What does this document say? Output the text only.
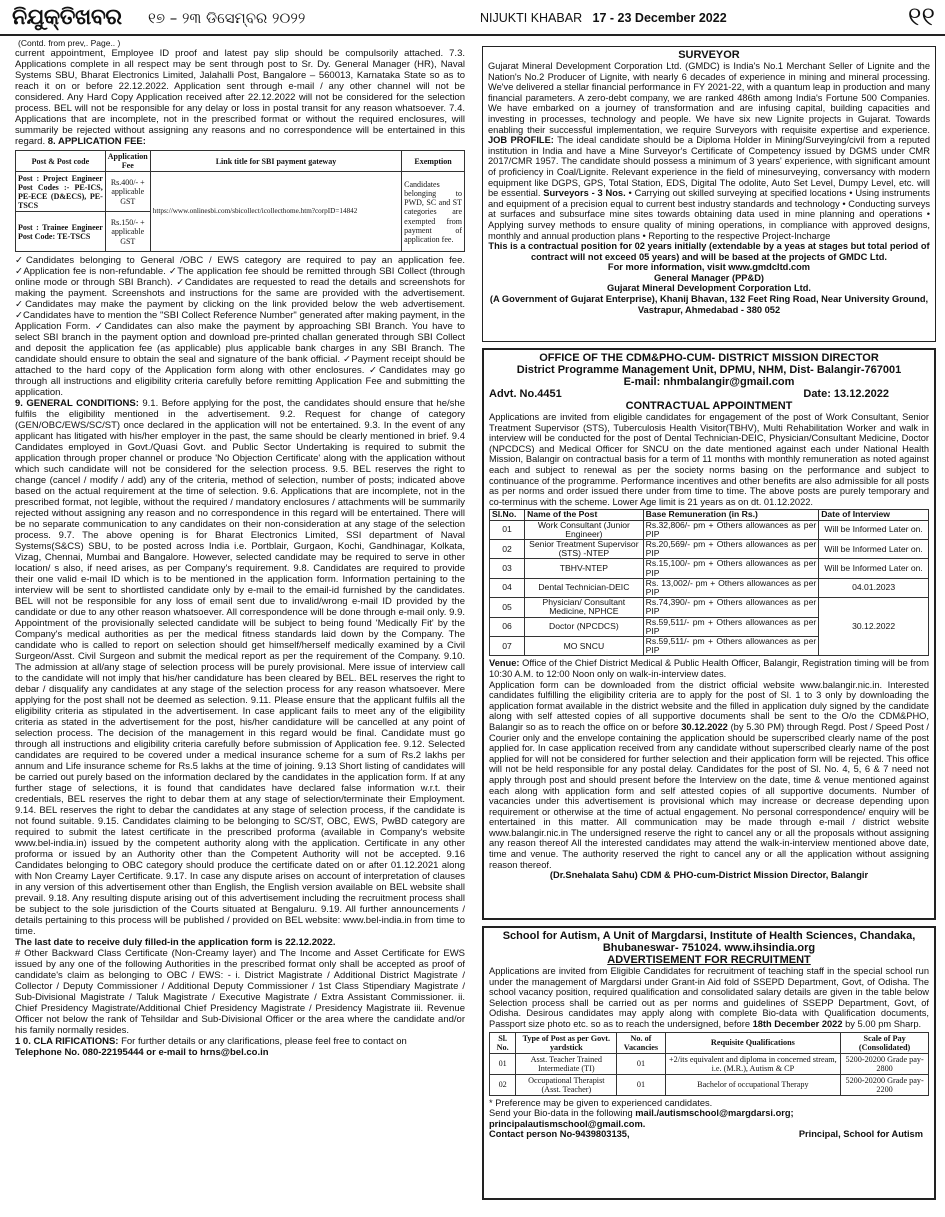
ନିଯୁକ୍ତିଖବର ୧୭ – ୨୩ ଡିସେମ୍ବର ୨୦୨୨	NIJUKTI KHABAR 17 - 23 December 2022	୧୧
(Contd. from prev,. Page.. )

current appointment, Employee ID proof and latest pay slip should be compulsorily attached. 7.3. Applications complete in all respect may be sent through post to Sr. Dy. General Manager (HR), Naval Systems SBU, Bharat Electronics Limited, Jalahalli Post, Bangalore – 560013, Karnataka State so as to reach it on or before 22.12.2022. Application sent through e-mail / any other channel will not be considered. Any Hard Copy Application received after 22.12.2022 will not be considered for the selection process. BEL will not be responsible for any delay or loss in postal transit for any reason whatsoever. 7.4. Applications that are incomplete, not in the prescribed format or without the required enclosures, will summarily be rejected without assigning any reasons and no correspondence will be entertained in this regard. 8. APPLICATION FEE:

Post & Post code	Application Fee	Link title for SBI payment gateway	Exemption
Post : Project Engineer Post Codes :- PE-ICS, PE-ECE (D&ECS), PE-TSCS	Rs.400/- + applicable GST	https://www.onlinesbi.com/sbicollect/icollecthome.htm?corpID=14842	Candidates belonging to PWD, SC and ST categories are exempted from payment of application fee.
Post : Trainee Engineer Post Code: TE-TSCS	Rs.150/- + applicable GST		

✓Candidates belonging to General /OBC / EWS category are required to pay an application fee. ✓Application fee is non-refundable. ✓The application fee should be remitted through SBI Collect (through online mode or through SBI Branch). ✓Candidates are requested to read the details and screenshots for making the payment. Screenshots and instructions for the same are provided with the advertisement. ✓Candidates may make the payment by clicking on the link provided below the web advertisement. ✓Candidates have to mention the "SBI Collect Reference Number" generated after making payment, in the Application Form. ✓Candidates can also make the payment by approaching SBI Branch. You have to select SBI branch in the payment option and download pre-printed challan generated through SBI Collect and deposit the application fee (as applicable) plus applicable bank charges in any SBI Branch. The candidate should ensure to obtain the seal and signature of the bank official. ✓Payment receipt should be attached to the hard copy of the Application form along with other enclosures. ✓Candidates may go through all instructions and eligibility criteria carefully before remitting Application Fee and submitting the application.

9. GENERAL CONDITIONS: 9.1. Before applying for the post, the candidates should ensure that he/she fulfils the eligibility mentioned in the advertisement. 9.2. Request for change of category (GEN/OBC/EWS/SC/ST) once declared in the application will not be entertained. 9.3. In the event of any applicant has litigated with his/her employer in the past, the same should be clearly mentioned in brief. 9.4 Candidates employed in Govt./Quasi Govt. and Public Sector Undertaking is required to submit the application through proper channel or produce 'No Objection Certificate' along with the application without which such candidate will not be considered for the selection process. 9.5. BEL reserves the right to change (cancel / modify / add) any of the criteria, method of selection, number of posts; indicated above based on the actual requirement at the time of selection. 9.6. Applications that are incomplete, not in the prescribed format, not legible, without the required / mandatory enclosures / attachments will be summarily rejected without assigning any reason and no correspondence in this regard will be entertained. There will be no separate communication to any candidates on their non-consideration at any stage of the selection process. 9.7. The above opening is for Bharat Electronics Limited, SSI department of Naval Systems(S&CS) SBU, to be posted across India i.e. Portblair, Gurgaon, Kochi, Gandhinagar, Kolkata, Vizag, Chennai, Mumbai and Bangalore. However, selected candidate may be required to serve in other location/ s also, if need arises, as per Company's requirement. 9.8. Candidates are required to provide their one valid e-mail ID which is to be mentioned in the application form. Information pertaining to the interview will be sent to shortlisted candidate only by e-mail to the email-id furnished by the candidates. BEL will not be responsible for any loss of email sent due to invalid/wrong e-mail ID provided by the candidate or due to any other reason whatsoever. All correspondence will be done through e-mail only. 9.9. Appointment of the provisionally selected candidate will be subject to being found 'Medically Fit' by the Company's medical authorities as per the medical fitness standards laid down by the Company. The candidate who is called to report on selection should get himself/herself medically examined by a Civil Surgeon/Asst. Civil Surgeon and submit the medical report as per the requirement of the Company. 9.10. The admission at all/any stage of selection process will be purely provisional. Mere issue of interview call to the candidate will not imply that his/her candidature has been cleared by BEL. BEL reserves the right to debar / disqualify any candidates at any stage of the selection process for any reason whatsoever. Mere applying for the post shall not be deemed as selection. 9.11. Please ensure that the applicant fulfils all the eligibility criteria as stipulated in the advertisement. In case applicant fails to meet any of the eligibility criteria as stated in the advertisement for the post, his/her candidature will be cancelled at any point of selection process. The decision of the management in this regard would be final. Candidate must go through all instructions and eligibility criteria carefully before submission of Application fee. 9.12. Selected candidates are required to be covered under a medical insurance scheme for a sum of Rs.2 lakhs per annum and Life insurance scheme for Rs.5 lakhs at the time of joining. 9.13 Short listing of candidates will be carried out purely based on the information declared by the candidates in the application form. If at any further stage of selections, it is found that candidates have declared false information w.r.t. their credentials, BEL reserves the right to debar them at any stage of selection/terminate their Employment. 9.14. BEL reserves the right to debar the candidates at any stage of selection process, if the candidate is not found suitable. 9.15. Candidates claiming to be belonging to SC/ST, OBC, EWS, PwBD category are required to submit the latest certificate in the prescribed proforma (available in Company's website www.bel-india.in) issued by the competent authority along with the application. Certificate in any other proforma or issued by an Authority other than the Competent Authority will not be accepted. 9.16 Candidates belonging to OBC category should produce the certificate dated on or after 01.12.2021 along with Non Creamy Layer Certificate. 9.17. In case any dispute arises on account of interpretation of clauses in any version of this advertisement other than English, the English version available on BEL website shall prevail. 9.18. Any resulting dispute arising out of this advertisement including the recruitment process shall be subject to the sole jurisdiction of the Courts situated at Bengaluru. 9.19. All further announcements / details pertaining to this process will be published / provided on BEL website: www.bel-india.in from time to time.

The last date to receive duly filled-in the application form is 22.12.2022.

# Other Backward Class Certificate (Non-Creamy layer) and The Income and Asset Certificate for EWS issued by any one of the following Authorities in the prescribed format only shall be accepted as proof of candidate's claim as belonging to OBC / EWS: - i. District Magistrate / Additional District Magistrate / Collector / Deputy Commissioner / Additional Deputy Commissioner / 1st Class Stipendiary Magistrate / Sub-Divisional Magistrate / Taluk Magistrate / Executive Magistrate / Extra Assistant Commissioner. ii. Chief Presidency Magistrate/Additional Chief Presidency Magistrate / Presidency Magistrate iii. Revenue Officer not below the rank of Tehsildar and Sub-Divisional Officer or the area where the candidate and/or his family normally resides.

1 0. CLA RIFICATIONS: For further details or any clarifications, please feel free to contact on

Telephone No. 080-22195444 or e-mail to hrns@bel.co.in

SURVEYOR

Gujarat Mineral Development Corporation Ltd. (GMDC) is India's No.1 Merchant Seller of Lignite and the Nation's No.2 Producer of Lignite, with nearly 6 decades of experience in mining and mineral processing. We've delivered a stellar financial performance in FY 2021-22, with a quantum leap in production and many financial parameters. A zero-debt company, we are ranked 486th among India's Fortune 500 Companies. We have embarked on a journey of transformation and are infusing capital, building capacities and investing in processes, technology and people. We have six new Lignite projects in Gujarat. Towards enabling their successful implementation, we require Surveyors with requisite expertise and experience. JOB PROFILE: The ideal candidate should be a Diploma Holder in Mining/Surveying/civil from a reputed institution in India and have a Mine Surveyor's Certificate of Competency issued by DGMS under CMR 2017/CMR 1957. The candidate should possess a minimum of 3 years' experience, with significant amount of proficiency in Coal/Lignite. Relevant experience in the field of minesurveying, conversancy with modern equipment like DGPS, GPS, Total Station, EDS, Digital The odolite, Auto Set Level, Dumpy Level, etc. will be essential. Surveyors - 3 Nos. • Carrying out skilled surveying at specified locations • Using instruments and equipment of a precision equal to current best industry standards and technology • Conducting surveys at surfaces and subsurface mine sites towards obtaining data used in mine planning and operations • Applying survey methods to ensure quality of mining operations, in compliance with approved designs, monthly and annual production plans • Reporting to the respective Project-Incharge

This is a contractual position for 02 years initially (extendable by a yeas at stages but total period of contract will not exceed 05 years) and will be based at the projects of GMDC Ltd.

For more information, visit www.gmdcltd.com

General Manager (PP&D)

Gujarat Mineral Development Corporation Ltd.

(A Government of Gujarat Enterprise), Khanij Bhavan, 132 Feet Ring Road, Near University Ground, Vastrapur, Ahmedabad - 380 052

OFFICE OF THE CDM&PHO-CUM- DISTRICT MISSION DIRECTOR
District Programme Management Unit, DPMU, NHM, Dist- Balangir-767001
E-mail: nhmbalangir@gmail.com
Advt. No.4451	Date: 13.12.2022
CONTRACTUAL APPOINTMENT

Applications are invited from eligible candidates for engagement of the post of Work Consultant, Senior Treatment Supervisor (STS), Tuberculosis Health Visitor(TBHV), Multi Rehabilitation Worker and walk in interview will be conducted for the post of Dental Technician-DEIC, Physician/Consultant Medicine, Doctor (NPCDCS) and Medical Officer for SNCU on the date mentioned against each under National Health Mission, Balangir on contractual basis for a term of 11 months with monthly remuneration as noted against each and subject to renewal as per the society norms basing on the performance and subject to continuance of the programme. Performance incentives and other benefits are also admissible for all posts as per norms and order issued there under from time to time. The above posts are purely temporary and co-terminus with the scheme. Lower Age limit is 21 years as on dt. 01.12.2022.

Sl.No.	Name of the Post	Base Remuneration (in Rs.)	Date of Interview
01	Work Consultant (Junior Engineer)	Rs.32,806/- pm + Others allowances as per PIP	Will be Informed Later on.
02	Senior Treatment Supervisor (STS) -NTEP	Rs.20,569/- pm + Others allowances as per PIP	Will be Informed Later on.
03	TBHV-NTEP	Rs.15,100/- pm + Others allowances as per PIP	Will be Informed Later on.
04	Dental Technician-DEIC	Rs. 13,002/- pm + Others allowances as per PIP	04.01.2023
05	Physician/ Consultant Medicine, NPHCE	Rs.74,390/- pm + Others allowances as per PIP	30.12.2022
06	Doctor (NPCDCS)	Rs.59,511/- pm + Others allowances as per PIP	
07	MO SNCU	Rs.59,511/- pm + Others allowances as per PIP	

Venue: Office of the Chief District Medical & Public Health Officer, Balangir, Registration timing will be from 10:30 A.M. to 12:00 Noon only on walk-in-interview dates.

Application form can be downloaded from the district official website www.balangir.nic.in. Interested candidates fulfilling the eligibility criteria are to apply for the post of Sl. 1 to 3 only by downloading the application format available in the district website and the filled in application duly signed by the candidate along with self attested copies of all supportive documents shall be sent to the O/o the CDM&PHO, Balangir so as to reach the office on or before 30.12.2022 (by 5.30 PM) through Regd. Post / Speed Post / Courier only and the envelope containing the application should be superscribed clearly name of the post applied for. In case application received from any candidate without superscribed clearly name of the post applied for will not be considered for further selection and their application form will be rejected. This office will not be held responsible for any postal delay. Candidates for the post of Sl. No. 4, 5, 6 & 7 need not apply through post and should present before the Interview on the date, time & venue mentioned against each along with application form and self attested copies of all supportive documents. Number of vacancies under this advertisement is provisional which may increase or decrease depending upon requirement or otherwise at the time of actual engagement. No personal correspondence/ enquiry will be entertained in this matter. All communication may be made through e-mail / district website www.balangir.nic.in The undersigned reserve the right to cancel any or all the proposals without assigning any reason thereof All the interested candidates may attend the walk-in-interview mentioned above date, time and venue. The authority reserved the right to cancel any or all the application without assigning reason thereof.

(Dr.Snehalata Sahu) CDM & PHO-cum-District Mission Director, Balangir

School for Autism, A Unit of Margdarsi, Institute of Health Sciences, Chandaka, Bhubaneswar- 751024. www.ihsindia.org
ADVERTISEMENT FOR RECRUITMENT

Applications are invited from Eligible Candidates for recruitment of teaching staff in the special school run under the management of Margdarsi under Grant-in Aid fold of SSEPD Department, Govt, of Odisha. The school vacancy position, required qualification and consolidated salary details are given in the table below Selection process shall be carried out as per norms and guidelines of SSEPP Department, Govt, of Odisha. Desirous candidates may apply along with complete Bio-data with Qualification documents, Passport size photo etc. so as to reach the undersigned, before 18th December 2022 by 5.00 pm Sharp.

Sl. No.	Type of Post as per Govt. yardstick	No. of Vacancies	Requisite Qualifications	Scale of Pay (Consolidated)
01	Asst. Teacher Trained Intermediate (TI)	01	+2/its equivalent and diploma in concerned stream, i.e. (M.R.), Autism & CP	5200-20200 Grade pay-2800
02	Occupational Therapist (Asst. Teacher)	01	Bachelor of occupational Therapy	5200-20200 Grade pay-2200

* Preference may be given to experienced candidates.

Send your Bio-data in the following mail./autismschool@margdarsi.org;

principalautismschool@gmail.com.

Contact person No-9439803135,	Principal, School for Autism
